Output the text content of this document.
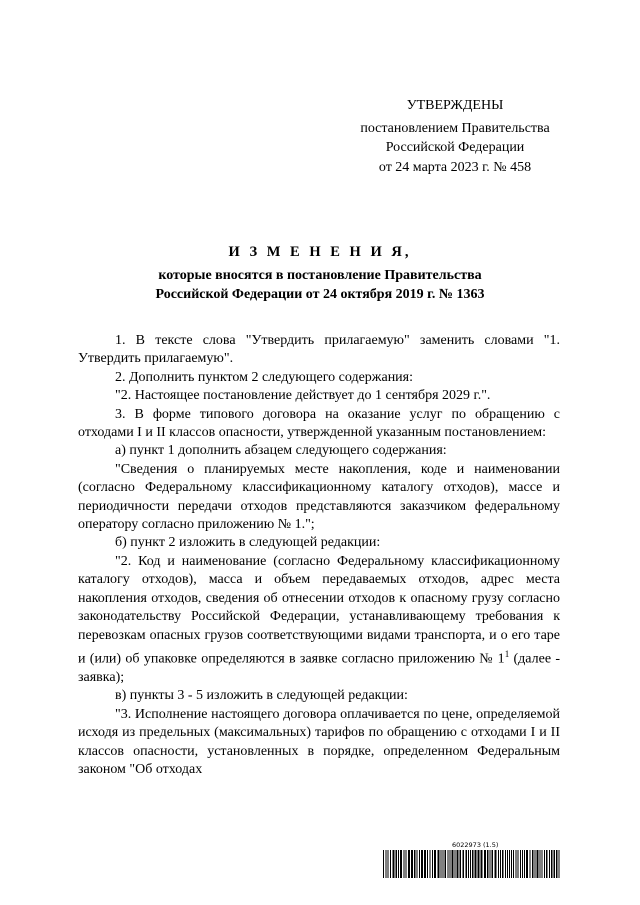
УТВЕРЖДЕНЫ
постановлением Правительства
Российской Федерации
от 24 марта 2023 г. № 458
И З М Е Н Е Н И Я,
которые вносятся в постановление Правительства
Российской Федерации от 24 октября 2019 г. № 1363

1. В тексте слова "Утвердить прилагаемую" заменить словами "1. Утвердить прилагаемую".

2. Дополнить пунктом 2 следующего содержания:

"2. Настоящее постановление действует до 1 сентября 2029 г.".

3. В форме типового договора на оказание услуг по обращению с отходами I и II классов опасности, утвержденной указанным постановлением:

а) пункт 1 дополнить абзацем следующего содержания:

"Сведения о планируемых месте накопления, коде и наименовании (согласно Федеральному классификационному каталогу отходов), массе и периодичности передачи отходов представляются заказчиком федеральному оператору согласно приложению № 1.";

б) пункт 2 изложить в следующей редакции:

"2. Код и наименование (согласно Федеральному классификационному каталогу отходов), масса и объем передаваемых отходов, адрес места накопления отходов, сведения об отнесении отходов к опасному грузу согласно законодательству Российской Федерации, устанавливающему требования к перевозкам опасных грузов соответствующими видами транспорта, и о его таре и (или) об упаковке определяются в заявке согласно приложению № $1^1$ (далее - заявка);

в) пункты 3 - 5 изложить в следующей редакции:

"3. Исполнение настоящего договора оплачивается по цене, определяемой исходя из предельных (максимальных) тарифов по обращению с отходами I и II классов опасности, установленных в порядке, определенном Федеральным законом "Об отходах

6022973 (1.5)
